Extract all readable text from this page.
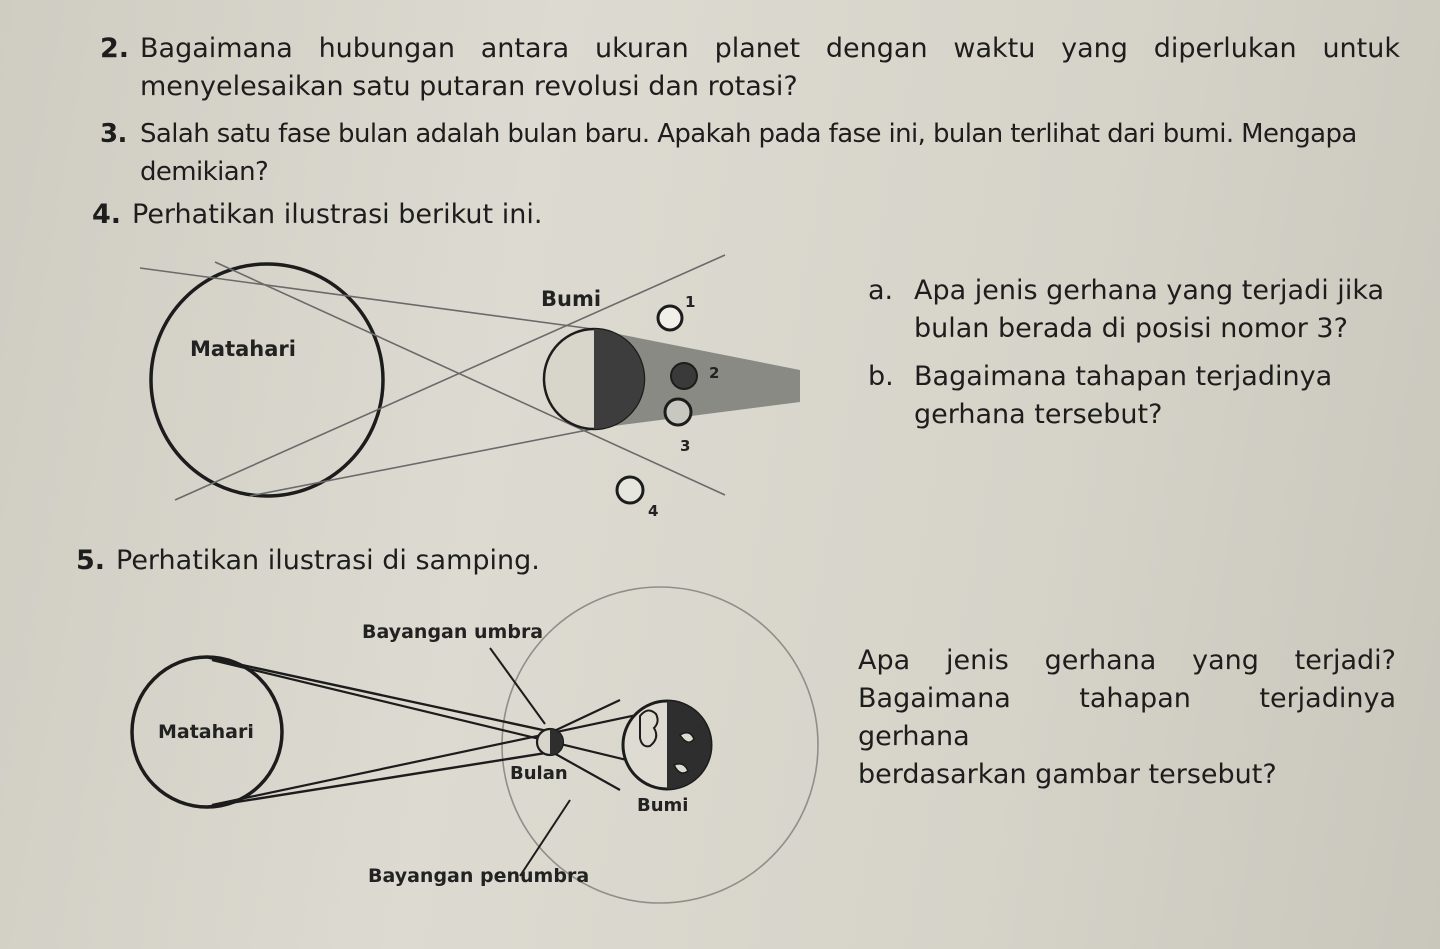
2. Bagaimana hubungan antara ukuran planet dengan waktu yang diperlukan untuk
menyelesaikan satu putaran revolusi dan rotasi?
3. Salah satu fase bulan adalah bulan baru. Apakah pada fase ini, bulan terlihat dari bumi. Mengapa
demikian?
4. Perhatikan ilustrasi berikut ini.
a. Apa jenis gerhana yang terjadi jika
bulan berada di posisi nomor 3?
b. Bagaimana tahapan terjadinya
gerhana tersebut?
5. Perhatikan ilustrasi di samping.
Apa jenis gerhana yang terjadi?
Bagaimana tahapan terjadinya gerhana
berdasarkan gambar tersebut?
Matahari
Bumi	1
2
3
4
Bayangan umbra
Matahari
Bulan
Bumi
Bayangan penumbra
